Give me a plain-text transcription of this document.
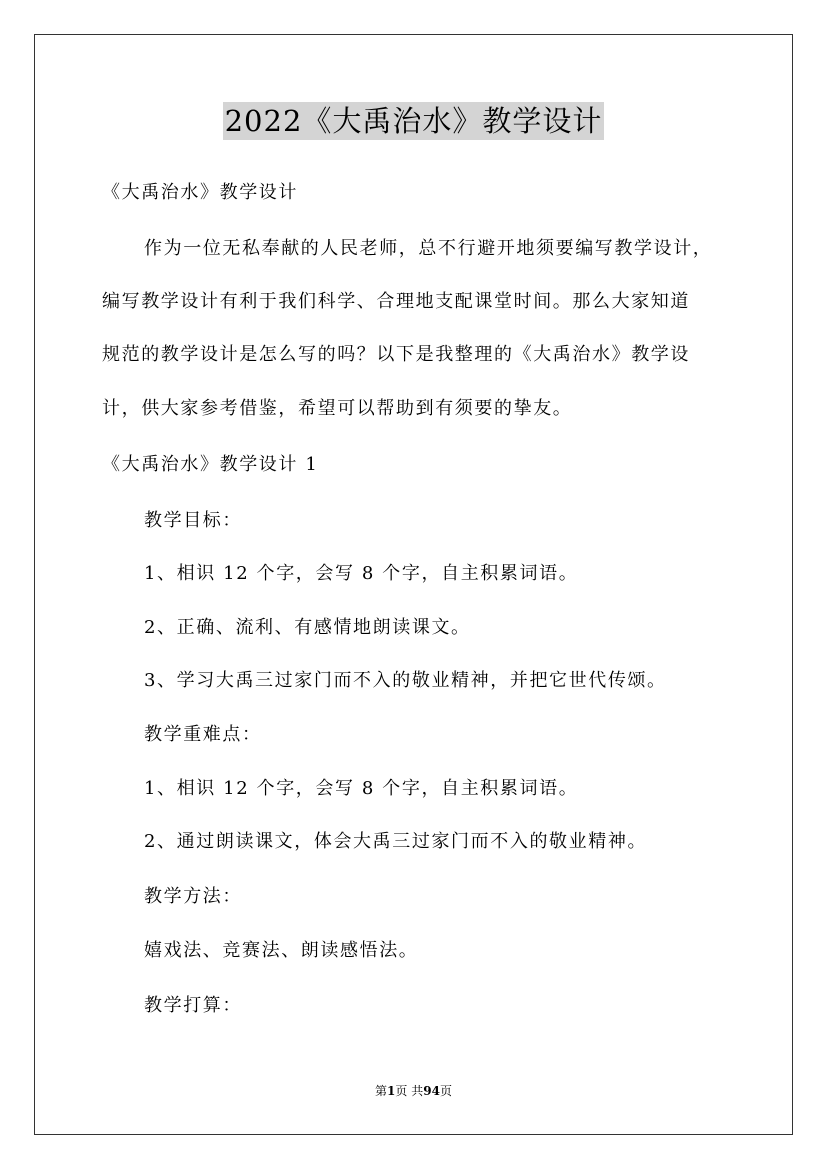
2022《大禹治水》教学设计
《大禹治水》教学设计
作为一位无私奉献的人民老师，总不行避开地须要编写教学设计，
编写教学设计有利于我们科学、合理地支配课堂时间。那么大家知道
规范的教学设计是怎么写的吗？以下是我整理的《大禹治水》教学设
计，供大家参考借鉴，希望可以帮助到有须要的挚友。
《大禹治水》教学设计 1
教学目标：
1、相识 12 个字，会写 8 个字，自主积累词语。
2、正确、流利、有感情地朗读课文。
3、学习大禹三过家门而不入的敬业精神，并把它世代传颂。
教学重难点：
1、相识 12 个字，会写 8 个字，自主积累词语。
2、通过朗读课文，体会大禹三过家门而不入的敬业精神。
教学方法：
嬉戏法、竞赛法、朗读感悟法。
教学打算：
第1页 共94页
